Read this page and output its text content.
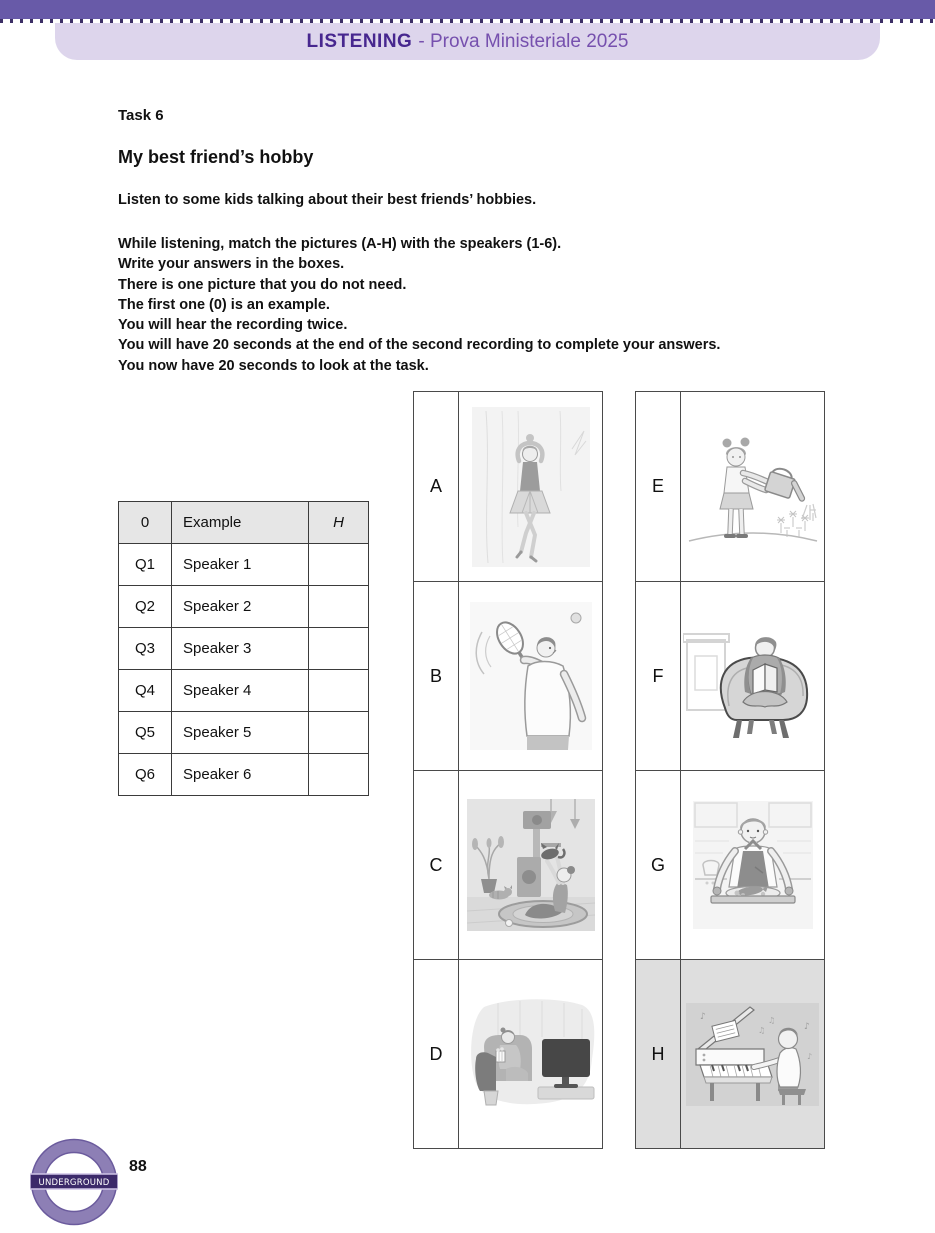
LISTENING - Prova Ministeriale 2025
Task 6
My best friend’s hobby
Listen to some kids talking about their best friends’ hobbies.
While listening, match the pictures (A-H) with the speakers (1-6).
Write your answers in the boxes.
There is one picture that you do not need.
The first one (0) is an example.
You will hear the recording twice.
You will have 20 seconds at the end of the second recording to complete your answers.
You now have 20 seconds to look at the task.
0	Example	H
Q1	Speaker 1	
Q2	Speaker 2	
Q3	Speaker 3	
Q4	Speaker 4	
Q5	Speaker 5	
Q6	Speaker 6	
A
B
C
D
E
F
G
H
♪	♫
♪
♪
♫
UNDERGROUND
88
